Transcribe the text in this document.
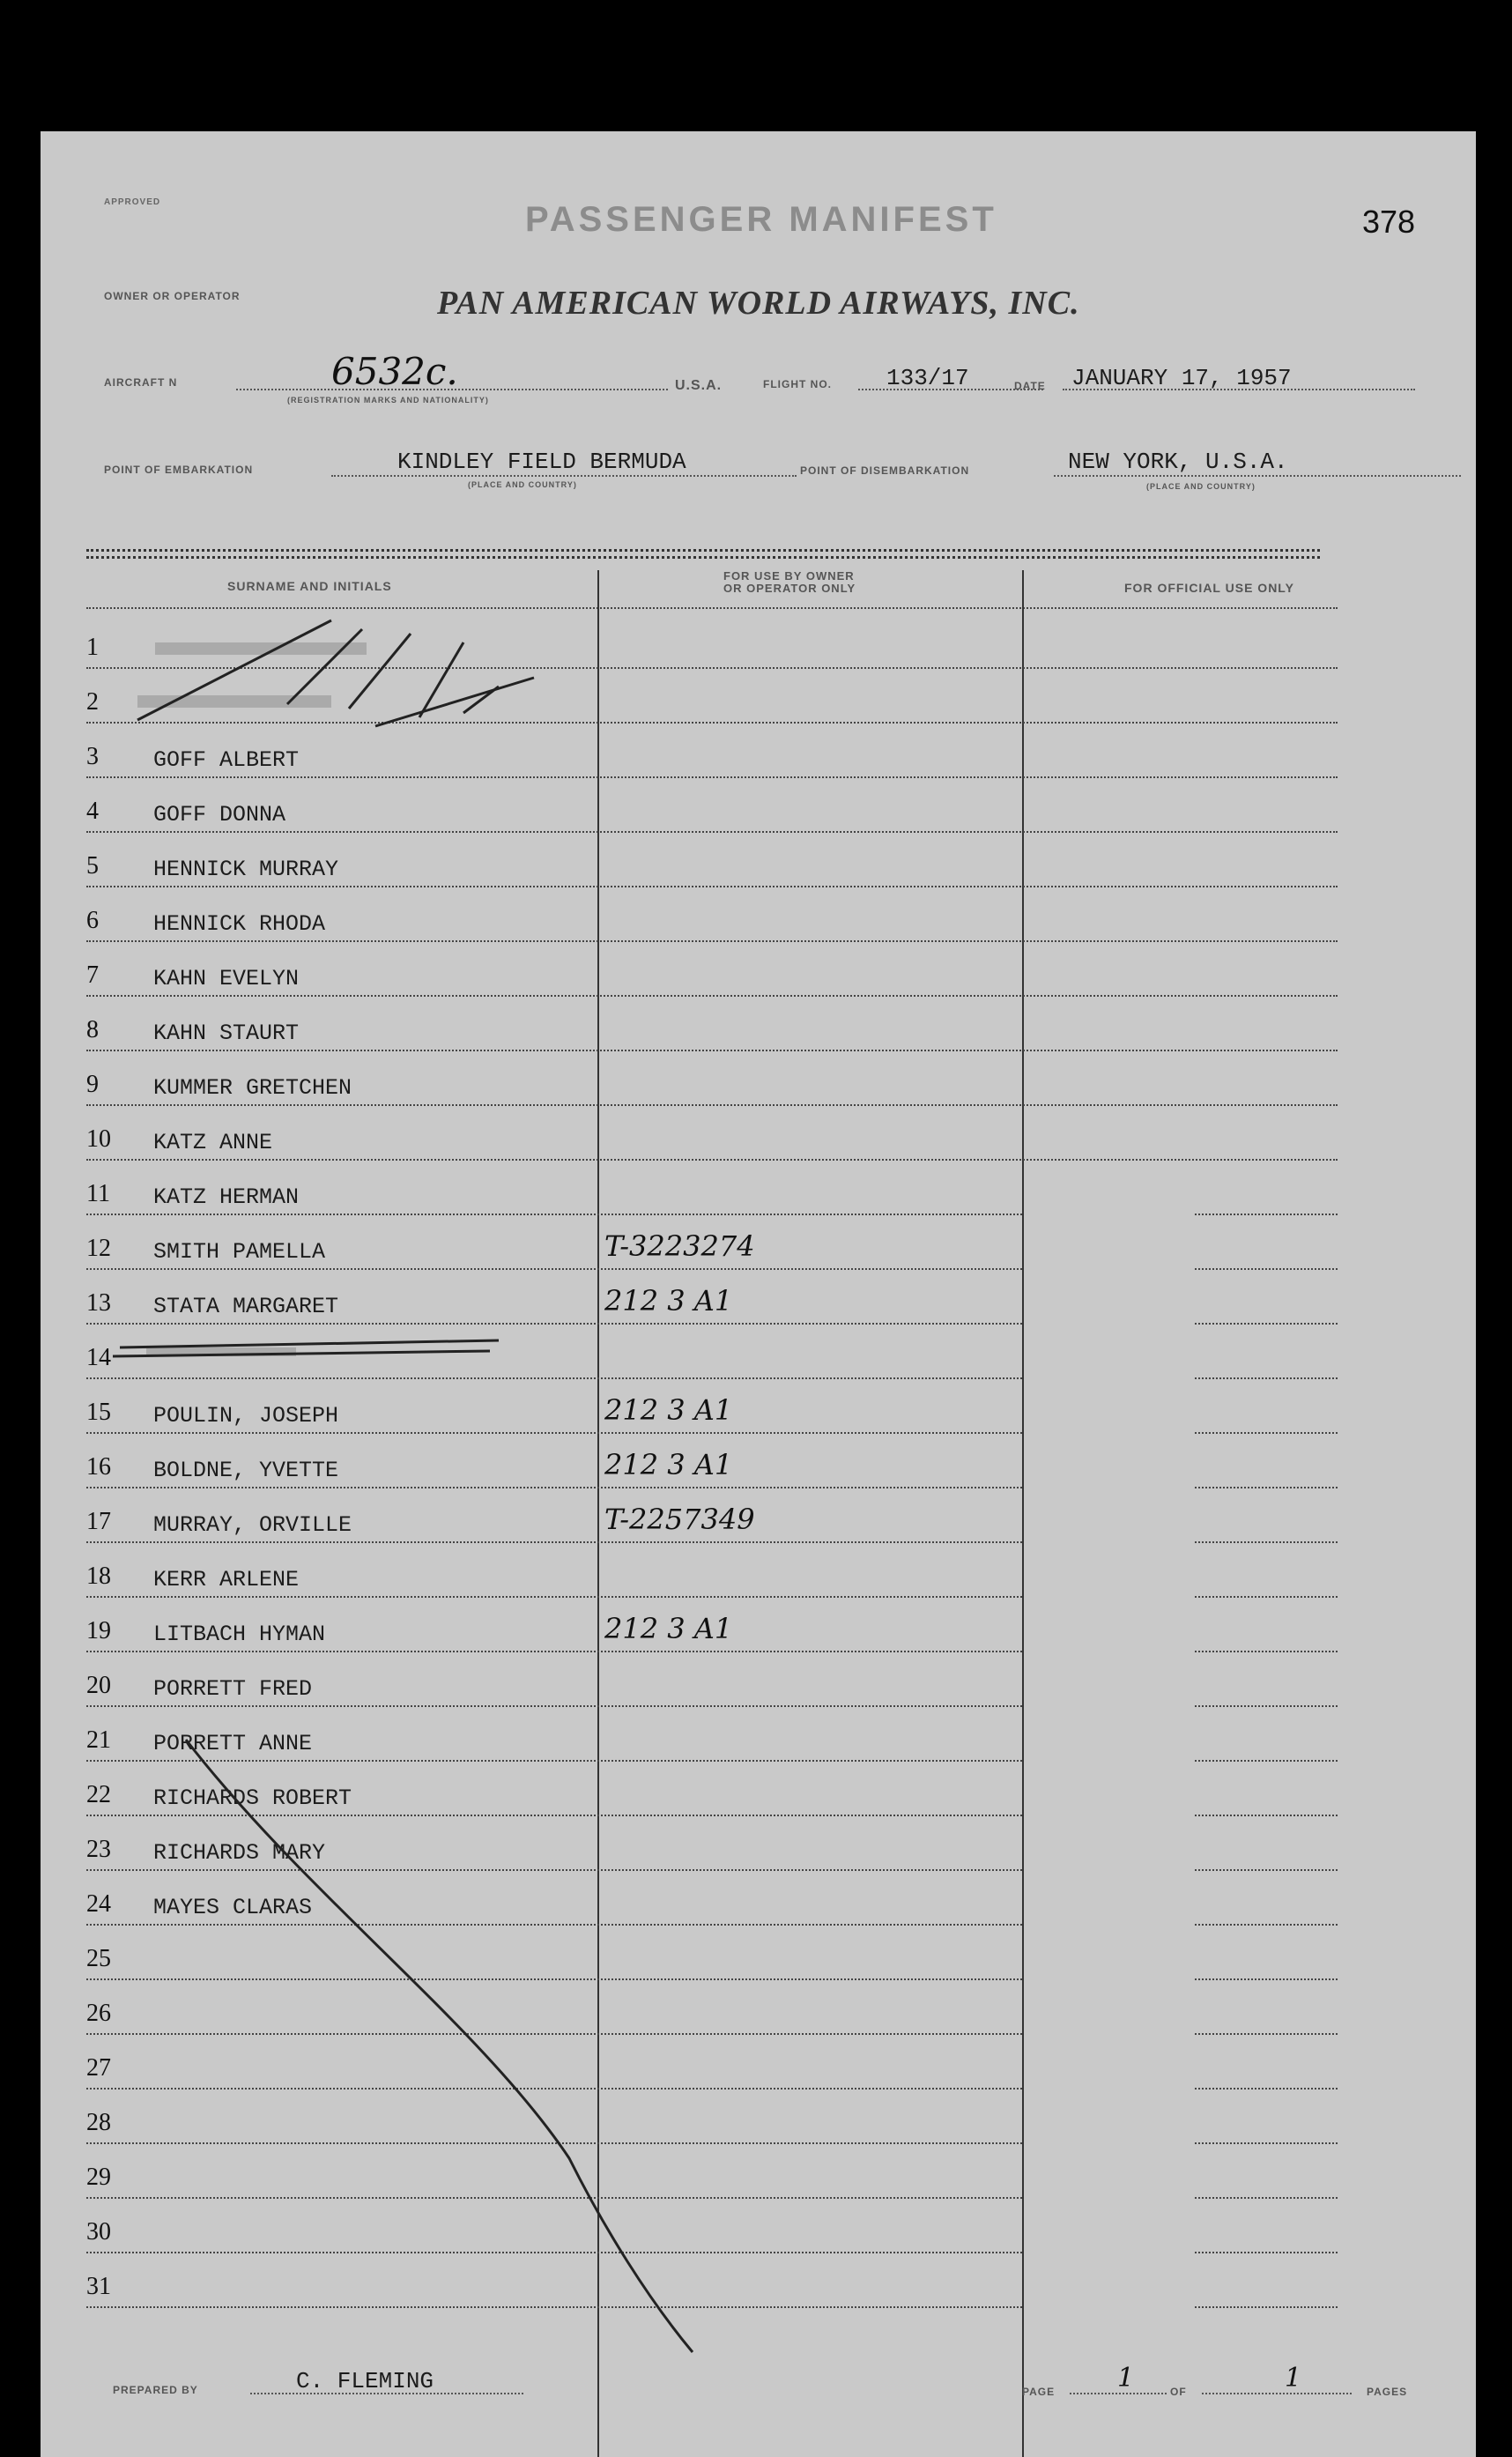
APPROVED	PASSENGER MANIFEST	378
OWNER OR OPERATOR	PAN AMERICAN WORLD AIRWAYS, INC.
AIRCRAFT N	6532c.
(REGISTRATION MARKS AND NATIONALITY)
U.S.A.	FLIGHT NO. 133/17	DATE JANUARY 17, 1957
POINT OF EMBARKATION	KINDLEY FIELD BERMUDA
(PLACE AND COUNTRY)
POINT OF DISEMBARKATION	NEW YORK, U.S.A.
(PLACE AND COUNTRY)
SURNAME AND INITIALS
FOR USE BY OWNER
OR OPERATOR ONLY	FOR OFFICIAL USE ONLY
1
2
3 GOFF ALBERT
4 GOFF DONNA
5 HENNICK MURRAY
6 HENNICK RHODA
7 KAHN EVELYN
8 KAHN STAURT
9 KUMMER GRETCHEN
10 KATZ ANNE
11 KATZ HERMAN
12 SMITH PAMELLA	T-3223274
13 STATA MARGARET	212 3 A1
14
15 POULIN, JOSEPH	212 3 A1
16 BOLDNE, YVETTE	212 3 A1
17 MURRAY, ORVILLE	T-2257349
18 KERR ARLENE
19 LITBACH HYMAN	212 3 A1
20 PORRETT FRED
21 PORRETT ANNE
22 RICHARDS ROBERT
23 RICHARDS MARY
24 MAYES CLARAS
25
26
27
28
29
30
31
PREPARED BY	C. FLEMING	PAGE 1	OF	1	PAGES
